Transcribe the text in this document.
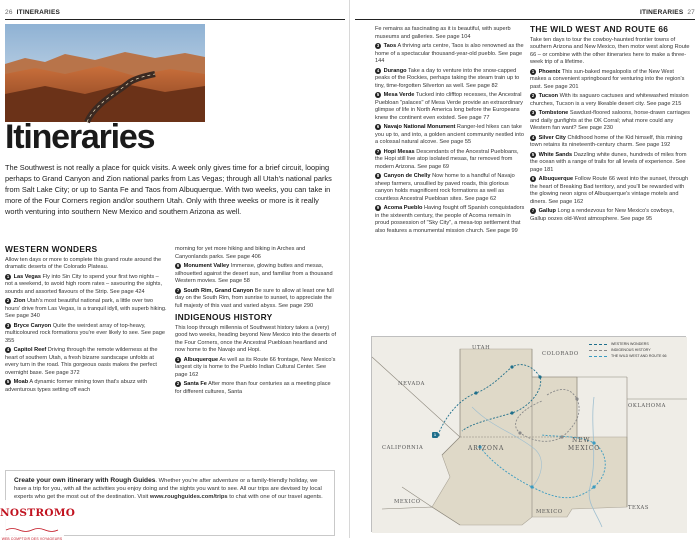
26 ITINERARIES
Itineraries
The Southwest is not really a place for quick visits. A week only gives time for a brief circuit, looping perhaps to Grand Canyon and Zion national parks from Las Vegas; through all Utah's national parks from Salt Lake City; or up to Santa Fe and Taos from Albuquerque. With two weeks, you can take in more of the Four Corners region and/or southern Utah. Only with three weeks or more is it really worth venturing into southern New Mexico and southern Arizona as well.
WESTERN WONDERS

Allow ten days or more to complete this grand route around the dramatic deserts of the Colorado Plateau.

1 Las Vegas Fly into Sin City to spend your first two nights – not a weekend, to avoid high room rates – savouring the sights, sounds and assorted flavours of the Strip. See page 424

2 Zion Utah's most beautiful national park, a little over two hours' drive from Las Vegas, is a tranquil idyll, with superb hiking. See page 340

3 Bryce Canyon Quite the weirdest array of top-heavy, multicoloured rock formations you're ever likely to see. See page 355

4 Capitol Reef Driving through the remote wilderness at the heart of southern Utah, a fresh bizarre sandscape unfolds at every turn in the road. This gorgeous oasis makes the perfect overnight base. See page 372

5 Moab A dynamic former mining town that's abuzz with adventurous types setting off each

morning for yet more hiking and biking in Arches and Canyonlands parks. See page 406

6 Monument Valley Immense, glowing buttes and mesas, silhouetted against the desert sun, and familiar from a thousand Western movies. See page 58

7 South Rim, Grand Canyon Be sure to allow at least one full day on the South Rim, from sunrise to sunset, to appreciate the full majesty of this vast and varied abyss. See page 290

INDIGENOUS HISTORY

This loop through millennia of Southwest history takes a (very) good two weeks, heading beyond New Mexico into the deserts of the Four Corners, once the Ancestral Puebloan heartland and now home to the Navajo and Hopi.

1 Albuquerque As well as its Route 66 frontage, New Mexico's largest city is home to the Pueblo Indian Cultural Center. See page 162

2 Santa Fe After more than four centuries as a meeting place for different cultures, Santa

Create your own itinerary with Rough Guides. Whether you're after adventure or a family-friendly holiday, we have a trip for you, with all the activities you enjoy doing and the sights you want to see. All our trips are devised by local experts who get the most out of the destination. Visit www.roughguides.com/trips to chat with one of our travel agents.
NOSTROMO
WEB COMPTOIR DES VOYAGEURS
ITINERARIES 27

Fe remains as fascinating as it is beautiful, with superb museums and galleries. See page 104

3 Taos A thriving arts centre, Taos is also renowned as the home of a spectacular thousand-year-old pueblo. See page 144

4 Durango Take a day to venture into the snow-capped peaks of the Rockies, perhaps taking the steam train up to tiny, time-forgotten Silverton as well. See page 82

5 Mesa Verde Tucked into clifftop recesses, the Ancestral Puebloan "palaces" of Mesa Verde provide an extraordinary glimpse of life in North America long before the Europeans knew the continent even existed. See page 77

6 Navajo National Monument Ranger-led hikes can take you up to, and into, a golden ancient community nestled into a colossal natural alcove. See page 55

7 Hopi Mesas Descendants of the Ancestral Puebloans, the Hopi still live atop isolated mesas, far removed from modern Arizona. See page 69

8 Canyon de Chelly Now home to a handful of Navajo sheep farmers, unsullied by paved roads, this glorious canyon holds magnificent rock formations as well as countless Ancestral Puebloan sites. See page 62

9 Acoma Pueblo Having fought off Spanish conquistadors in the sixteenth century, the people of Acoma remain in proud possession of "Sky City", a mesa-top settlement that also features a monumental mission church. See page 99

THE WILD WEST AND ROUTE 66

Take ten days to tour the cowboy-haunted frontier towns of southern Arizona and New Mexico, then motor west along Route 66 – or combine with the other itineraries here to make a three-week trip of a lifetime.

1 Phoenix This sun-baked megalopolis of the New West makes a convenient springboard for venturing into the region's past. See page 201

2 Tucson With its saguaro cactuses and whitewashed mission churches, Tucson is a very likeable desert city. See page 215

3 Tombstone Sawdust-floored saloons, horse-drawn carriages and daily gunfights at the OK Corral; what more could any Western fan want? See page 230

4 Silver City Childhood home of the Kid himself, this mining town retains its nineteenth-century charm. See page 192

5 White Sands Dazzling white dunes, hundreds of miles from the ocean with a range of trails for all levels of experience. See page 181

6 Albuquerque Follow Route 66 west into the sunset, through the heart of Breaking Bad territory, and you'll be rewarded with the glowing neon signs of Albuquerque's vintage motels and diners. See page 162

7 Gallup Long a rendezvous for New Mexico's cowboys, Gallup oozes old-West atmosphere. See page 95

1
WESTERN WONDERS
INDIGENOUS HISTORY
THE WILD WEST AND ROUTE 66
UTAH
COLORADO
NEVADA
OKLAHOMA
CALIFORNIA	ARIZONA
NEW
MEXICO
MEXICO
MEXICO
TEXAS
